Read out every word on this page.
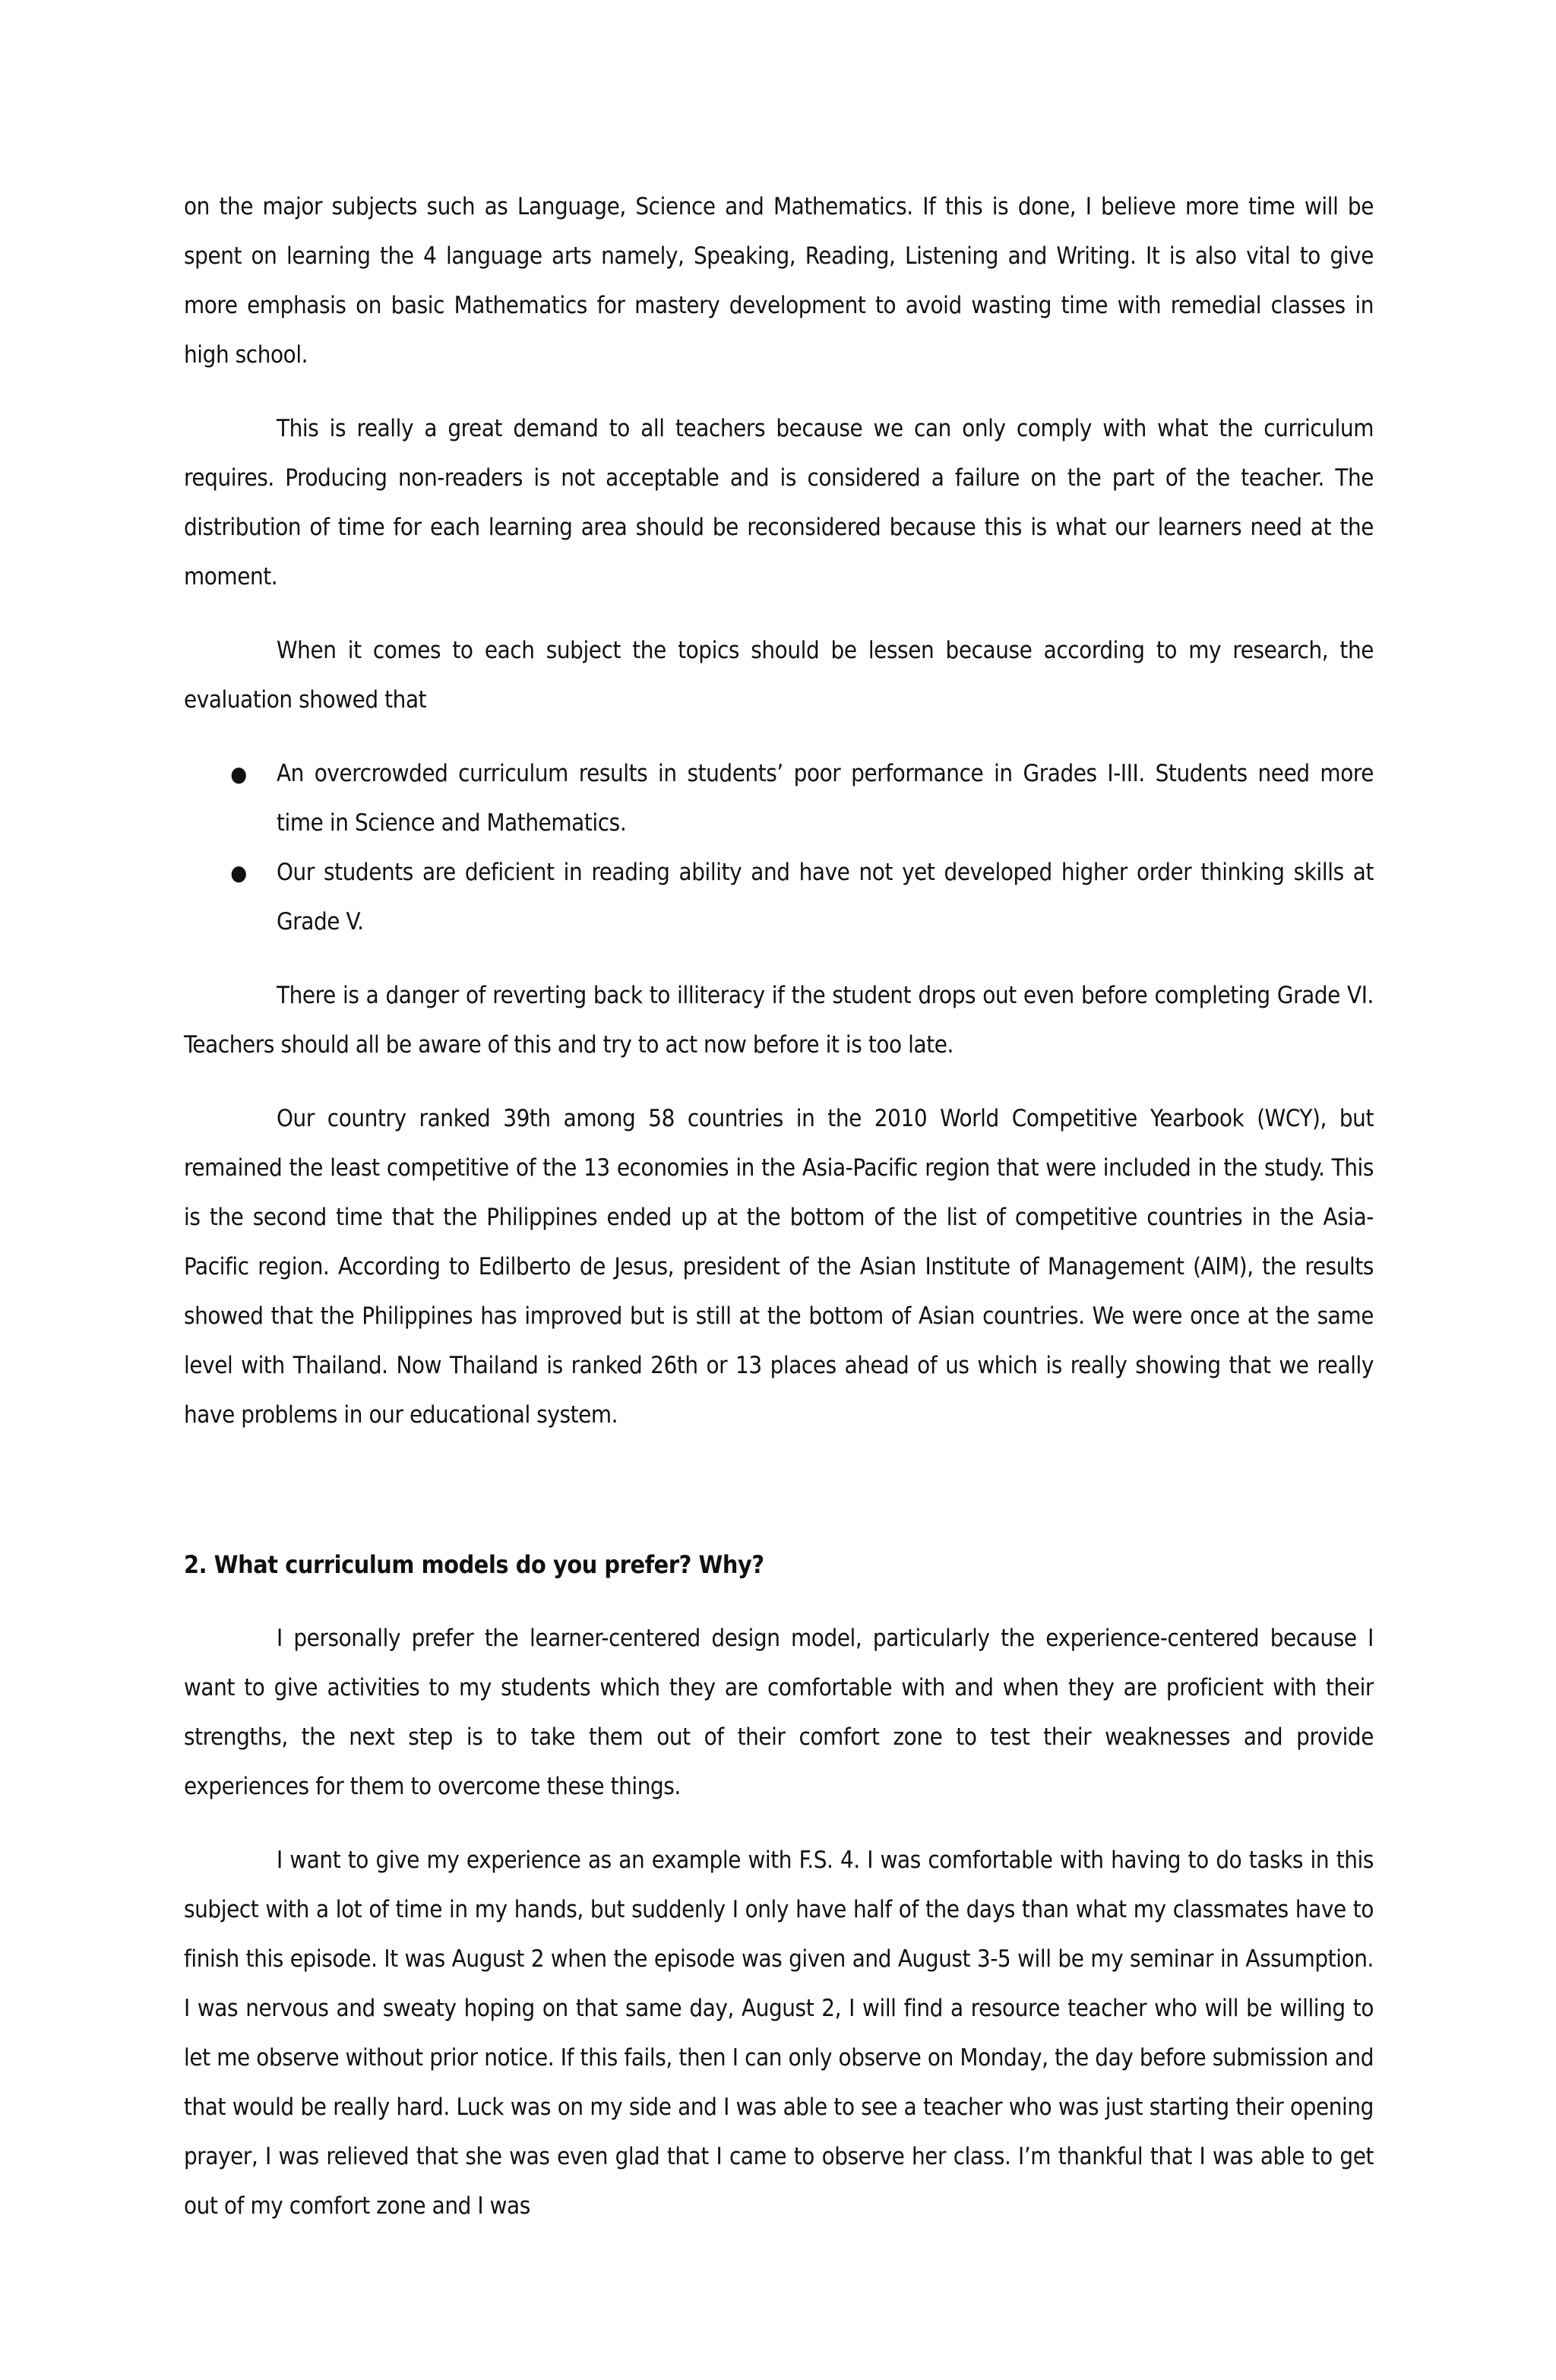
on the major subjects such as Language, Science and Mathematics. If this is done, I believe more time will be spent on learning the 4 language arts namely, Speaking, Reading, Listening and Writing. It is also vital to give more emphasis on basic Mathematics for mastery development to avoid wasting time with remedial classes in high school.

This is really a great demand to all teachers because we can only comply with what the curriculum requires. Producing non-readers is not acceptable and is considered a failure on the part of the teacher. The distribution of time for each learning area should be reconsidered because this is what our learners need at the moment.

When it comes to each subject the topics should be lessen because according to my research, the evaluation showed that

● An overcrowded curriculum results in students’ poor performance in Grades I-III. Students need more time in Science and Mathematics.
● Our students are deficient in reading ability and have not yet developed higher order thinking skills at Grade V.

There is a danger of reverting back to illiteracy if the student drops out even before completing Grade VI. Teachers should all be aware of this and try to act now before it is too late.

Our country ranked 39th among 58 countries in the 2010 World Competitive Yearbook (WCY), but remained the least competitive of the 13 economies in the Asia-Pacific region that were included in the study. This is the second time that the Philippines ended up at the bottom of the list of competitive countries in the Asia-Pacific region. According to Edilberto de Jesus, president of the Asian Institute of Management (AIM), the results showed that the Philippines has improved but is still at the bottom of Asian countries. We were once at the same level with Thailand. Now Thailand is ranked 26th or 13 places ahead of us which is really showing that we really have problems in our educational system.

2. What curriculum models do you prefer? Why?

I personally prefer the learner-centered design model, particularly the experience-centered because I want to give activities to my students which they are comfortable with and when they are proficient with their strengths, the next step is to take them out of their comfort zone to test their weaknesses and provide experiences for them to overcome these things.

I want to give my experience as an example with F.S. 4. I was comfortable with having to do tasks in this subject with a lot of time in my hands, but suddenly I only have half of the days than what my classmates have to finish this episode. It was August 2 when the episode was given and August 3-5 will be my seminar in Assumption. I was nervous and sweaty hoping on that same day, August 2, I will find a resource teacher who will be willing to let me observe without prior notice. If this fails, then I can only observe on Monday, the day before submission and that would be really hard. Luck was on my side and I was able to see a teacher who was just starting their opening prayer, I was relieved that she was even glad that I came to observe her class. I’m thankful that I was able to get out of my comfort zone and I was
